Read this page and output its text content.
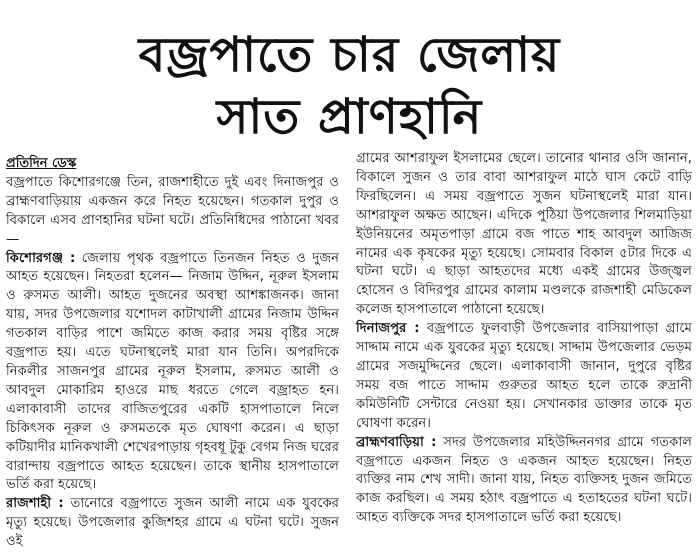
বজ্রপাতে চার জেলায়
সাত প্রাণহানি

প্রতিদিন ডেস্ক

বজ্রপাতে কিশোরগঞ্জে তিন, রাজশাহীতে দুই এবং দিনাজপুর ও ব্রাহ্মণবাড়িয়ায় একজন করে নিহত হয়েছেন। গতকাল দুপুর ও বিকালে এসব প্রাণহানির ঘটনা ঘটে। প্রতিনিধিদের পাঠানো খবর—

কিশোরগঞ্জ : জেলায় পৃথক বজ্রপাতে তিনজন নিহত ও দুজন আহত হয়েছেন। নিহতরা হলেন— নিজাম উদ্দিন, নূরুল ইসলাম ও রুসমত আলী। আহত দুজনের অবস্থা আশঙ্কাজনক। জানা যায়, সদর উপজেলার যশোদল কাটাখালী গ্রামের নিজাম উদ্দিন গতকাল বাড়ির পাশে জমিতে কাজ করার সময় বৃষ্টির সঙ্গে বজ্রপাত হয়। এতে ঘটনাস্থলেই মারা যান তিনি। অপরদিকে নিকলীর সাজনপুর গ্রামের নূরুল ইসলাম, রুসমত আলী ও আবদুল মোকারিম হাওরে মাছ ধরতে গেলে বজ্রাহত হন। এলাকাবাসী তাদের বাজিতপুরের একটি হাসপাতালে নিলে চিকিৎসক নূরুল ও রুসমতকে মৃত ঘোষণা করেন। এ ছাড়া কটিয়াদীর মানিকখালী শেখেরপাড়ায় গৃহবধূ টুকু বেগম নিজ ঘরের বারান্দায় বজ্রপাতে আহত হয়েছেন। তাকে স্থানীয় হাসপাতালে ভর্তি করা হয়েছে।

রাজশাহী : তানোরে বজ্রপাতে সুজন আলী নামে এক যুবকের মৃত্যু হয়েছে। উপজেলার কুজিশহর গ্রামে এ ঘটনা ঘটে। সুজন ওই

গ্রামের আশরাফুল ইসলামের ছেলে। তানোর থানার ওসি জানান, বিকালে সুজন ও তার বাবা আশরাফুল মাঠে ঘাস কেটে বাড়ি ফিরছিলেন। এ সময় বজ্রপাতে সুজন ঘটনাস্থলেই মারা যান। আশরাফুল অক্ষত আছেন। এদিকে পুঠিয়া উপজেলার শিলমাড়িয়া ইউনিয়নের অমৃতপাড়া গ্রামে বজ পাতে শাহ আবদুল আজিজ নামের এক কৃষকের মৃত্যু হয়েছে। সোমবার বিকাল ৫টার দিকে এ ঘটনা ঘটে। এ ছাড়া আহতদের মধ্যে একই গ্রামের উজ্জ্বল হোসেন ও বিদিরপুর গ্রামের কালাম মণ্ডলকে রাজশাহী মেডিকেল কলেজ হাসপাতালে পাঠানো হয়েছে।

দিনাজপুর : বজ্রপাতে ফুলবাড়ী উপজেলার বাসিয়াপাড়া গ্রামে সাদ্দাম নামে এক যুবকের মৃত্যু হয়েছে। সাদ্দাম উপজেলার ভেড়ম গ্রামের সজমুদ্দিনের ছেলে। এলাকাবাসী জানান, দুপুরে বৃষ্টির সময় বজ পাতে সাদ্দাম গুরুতর আহত হলে তাকে রুদ্রানী কমিউনিটি সেন্টারে নেওয়া হয়। সেখানকার ডাক্তার তাকে মৃত ঘোষণা করেন।

ব্রাহ্মণবাড়িয়া : সদর উপজেলার মহিউদ্দিননগর গ্রামে গতকাল বজ্রপাতে একজন নিহত ও একজন আহত হয়েছেন। নিহত ব্যক্তির নাম শেখ সাদী। জানা যায়, নিহত ব্যক্তিসহ দুজন জমিতে কাজ করছিল। এ সময় হঠাৎ বজ্রপাতে এ হতাহতের ঘটনা ঘটে। আহত ব্যক্তিকে সদর হাসপাতালে ভর্তি করা হয়েছে।
